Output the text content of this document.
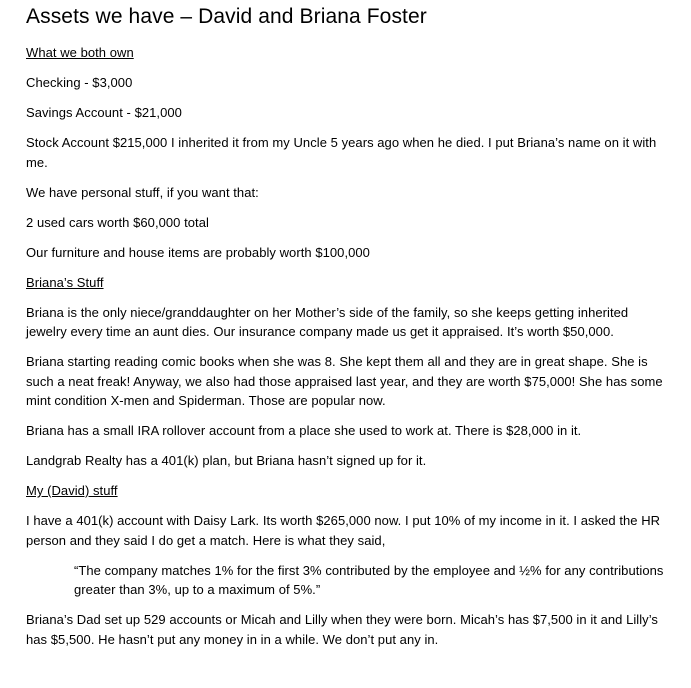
Assets we have – David and Briana Foster

What we both own

Checking - $3,000

Savings Account - $21,000

Stock Account $215,000 I inherited it from my Uncle 5 years ago when he died. I put Briana’s name on it with me.

We have personal stuff, if you want that:

2 used cars worth $60,000 total

Our furniture and house items are probably worth $100,000

Briana’s Stuff

Briana is the only niece/granddaughter on her Mother’s side of the family, so she keeps getting inherited jewelry every time an aunt dies. Our insurance company made us get it appraised. It’s worth $50,000.

Briana starting reading comic books when she was 8. She kept them all and they are in great shape. She is such a neat freak! Anyway, we also had those appraised last year, and they are worth $75,000! She has some mint condition X-men and Spiderman. Those are popular now.

Briana has a small IRA rollover account from a place she used to work at. There is $28,000 in it.

Landgrab Realty has a 401(k) plan, but Briana hasn’t signed up for it.

My (David) stuff

I have a 401(k) account with Daisy Lark. Its worth $265,000 now. I put 10% of my income in it. I asked the HR person and they said I do get a match. Here is what they said,

“The company matches 1% for the first 3% contributed by the employee and ½% for any contributions greater than 3%, up to a maximum of 5%.”

Briana’s Dad set up 529 accounts or Micah and Lilly when they were born. Micah’s has $7,500 in it and Lilly’s has $5,500. He hasn’t put any money in in a while. We don’t put any in.
